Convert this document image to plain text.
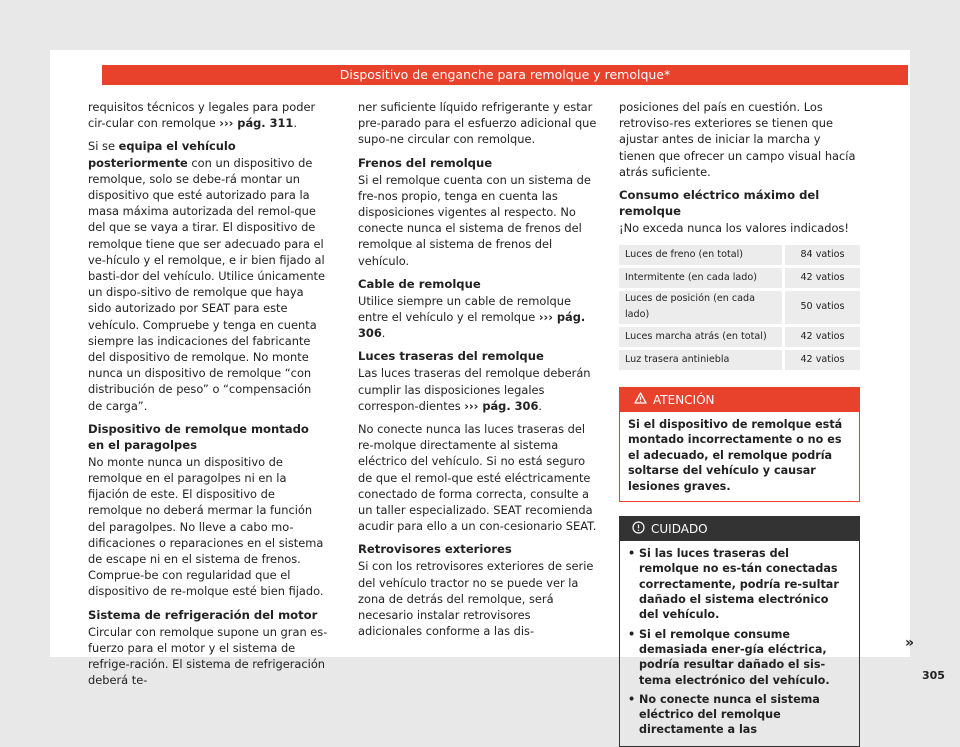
Dispositivo de enganche para remolque y remolque*

requisitos técnicos y legales para poder cir-cular con remolque ››› pág. 311.

Si se equipa el vehículo posteriormente con un dispositivo de remolque, solo se debe-rá montar un dispositivo que esté autorizado para la masa máxima autorizada del remol-que del que se vaya a tirar. El dispositivo de remolque tiene que ser adecuado para el ve-hículo y el remolque, e ir bien fijado al basti-dor del vehículo. Utilice únicamente un dispo-sitivo de remolque que haya sido autorizado por SEAT para este vehículo. Compruebe y tenga en cuenta siempre las indicaciones del fabricante del dispositivo de remolque. No monte nunca un dispositivo de remolque “con distribución de peso” o “compensación de carga”.

Dispositivo de remolque montado en el paragolpes

No monte nunca un dispositivo de remolque en el paragolpes ni en la fijación de este. El dispositivo de remolque no deberá mermar la función del paragolpes. No lleve a cabo mo-dificaciones o reparaciones en el sistema de escape ni en el sistema de frenos. Comprue-be con regularidad que el dispositivo de re-molque esté bien fijado.

Sistema de refrigeración del motor

Circular con remolque supone un gran es-fuerzo para el motor y el sistema de refrige-ración. El sistema de refrigeración deberá te-

ner suficiente líquido refrigerante y estar pre-parado para el esfuerzo adicional que supo-ne circular con remolque.

Frenos del remolque

Si el remolque cuenta con un sistema de fre-nos propio, tenga en cuenta las disposiciones vigentes al respecto. No conecte nunca el sistema de frenos del remolque al sistema de frenos del vehículo.

Cable de remolque

Utilice siempre un cable de remolque entre el vehículo y el remolque ››› pág. 306.

Luces traseras del remolque

Las luces traseras del remolque deberán cumplir las disposiciones legales correspon-dientes ››› pág. 306.

No conecte nunca las luces traseras del re-molque directamente al sistema eléctrico del vehículo. Si no está seguro de que el remol-que esté eléctricamente conectado de forma correcta, consulte a un taller especializado. SEAT recomienda acudir para ello a un con-cesionario SEAT.

Retrovisores exteriores

Si con los retrovisores exteriores de serie del vehículo tractor no se puede ver la zona de detrás del remolque, será necesario instalar retrovisores adicionales conforme a las dis-

posiciones del país en cuestión. Los retroviso-res exteriores se tienen que ajustar antes de iniciar la marcha y tienen que ofrecer un campo visual hacía atrás suficiente.

Consumo eléctrico máximo del remolque

¡No exceda nunca los valores indicados!

Luces de freno (en total)	84 vatios
Intermitente (en cada lado)	42 vatios
Luces de posición (en cada lado)	50 vatios
Luces marcha atrás (en total)	42 vatios
Luz trasera antiniebla	42 vatios
ATENCIÓN
Si el dispositivo de remolque está montado incorrectamente o no es el adecuado, el remolque podría soltarse del vehículo y causar lesiones graves.
CUIDADO
• Si las luces traseras del remolque no es-tán conectadas correctamente, podría re-sultar dañado el sistema electrónico del vehículo.
• Si el remolque consume demasiada ener-gía eléctrica, podría resultar dañado el sis-tema electrónico del vehículo.
• No conecte nunca el sistema eléctrico del remolque directamente a las
»
305
